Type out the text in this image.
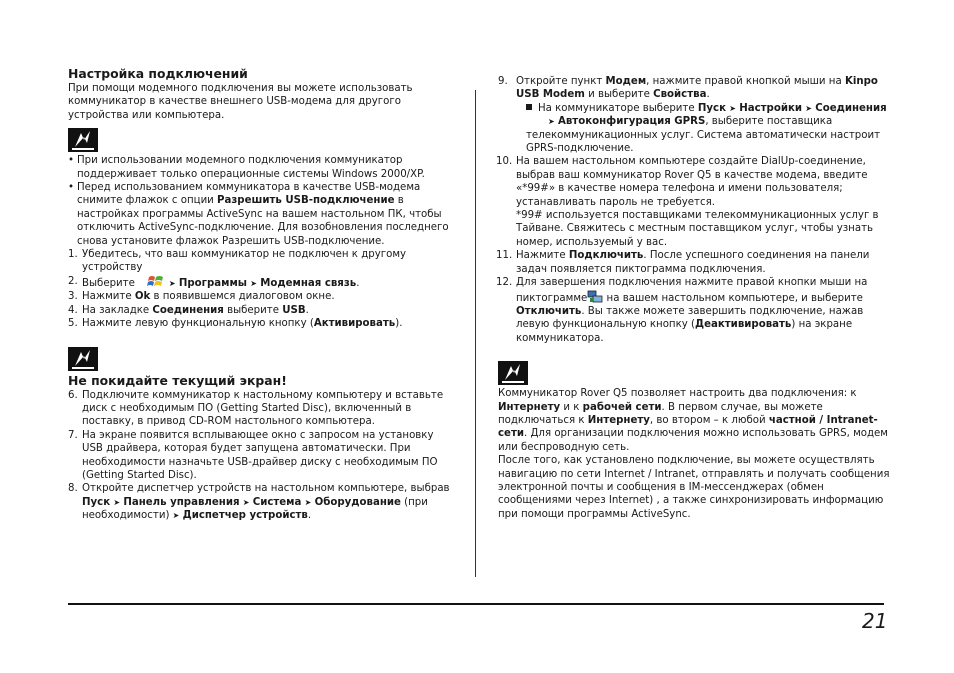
Настройка подключений

При помощи модемного подключения вы можете использовать коммуникатор в качестве внешнего USB-модема для другого устройства или компьютера.

• При использовании модемного подключения коммуникатор поддерживает только операционные системы Windows 2000/XP.
• Перед использованием коммуникатора в качестве USB-модема снимите флажок с опции Разрешить USB-подключение в настройках программы ActiveSync на вашем настольном ПК, чтобы отключить ActiveSync-подключение. Для возобновления последнего снова установите флажок Разрешить USB-подключение.
1. Убедитесь, что ваш коммуникатор не подключен к другому устройству
2. Выберите	➤ Программы ➤ Модемная связь.
3. Нажмите Ok в появившемся диалоговом окне.
4. На закладке Соединения выберите USB.
5. Нажмите левую функциональную кнопку (Активировать).
Не покидайте текущий экран!
6. Подключите коммуникатор к настольному компьютеру и вставьте диск с необходимым ПО (Getting Started Disc), включенный в поставку, в привод CD-ROM настольного компьютера.
7. На экране появится всплывающее окно с запросом на установку USB драйвера, которая будет запущена автоматически. При необходимости назначьте USB-драйвер диску с необходимым ПО (Getting Started Disc).
8. Откройте диспетчер устройств на настольном компьютере, выбрав Пуск ➤ Панель управления ➤ Система ➤ Оборудование (при необходимости) ➤ Диспетчер устройств.
9. Откройте пункт Модем, нажмите правой кнопкой мыши на Kinpo USB Modem и выберите Свойства.
На коммуникаторе выберите Пуск ➤ Настройки ➤ Соединения
➤ Автоконфигурация GPRS, выберите поставщика телекоммуникационных услуг. Система автоматически настроит GPRS-подключение.
10. На вашем настольном компьютере создайте DialUp-соединение, выбрав ваш коммуникатор Rover Q5 в качестве модема, введите «*99#» в качестве номера телефона и имени пользователя; устанавливать пароль не требуется.
*99# используется поставщиками телекоммуникационных услуг в Тайване. Свяжитесь с местным поставщиком услуг, чтобы узнать номер, используемый у вас.
11. Нажмите Подключить. После успешного соединения на панели задач появляется пиктограмма подключения.
12. Для завершения подключения нажмите правой кнопки мыши на пиктограмме на вашем настольном компьютере, и выберите Отключить. Вы также можете завершить подключение, нажав левую функциональную кнопку (Деактивировать) на экране коммуникатора.

Коммуникатор Rover Q5 позволяет настроить два подключения: к Интернету и к рабочей сети. В первом случае, вы можете подключаться к Интернету, во втором – к любой частной / Intranet-сети. Для организации подключения можно использовать GPRS, модем или беспроводную сеть.

После того, как установлено подключение, вы можете осуществлять навигацию по сети Internet / Intranet, отправлять и получать сообщения электронной почты и сообщения в IM-мессенджерах (обмен сообщениями через Internet) , а также синхронизировать информацию при помощи программы ActiveSync.

21
